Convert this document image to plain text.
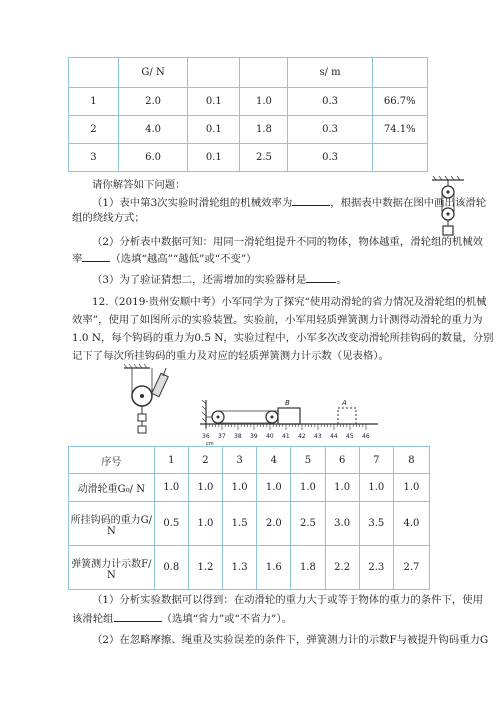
	G/ N			s/ m	
1	2.0	0.1	1.0	0.3	66.7%
2	4.0	0.1	1.8	0.3	74.1%
3	6.0	0.1	2.5	0.3	
请你解答如下问题：
（1）表中第3次实验时滑轮组的机械效率为	，根据表中数据在图中画出该滑轮
组的绕线方式；
（2）分析表中数据可知：用同一滑轮组提升不同的物体，物体越重，滑轮组的机械效
率	（选填“越高”“越低”或“不变”）
（3）为了验证猜想二，还需增加的实验器材是	。
12.（2019·贵州安顺中考）小军同学为了探究“使用动滑轮的省力情况及滑轮组的机械
效率”，使用了如图所示的实验装置。实验前，小军用轻质弹簧测力计测得动滑轮的重力为
1.0 N，每个钩码的重力为0.5 N，实验过程中，小军多次改变动滑轮所挂钩码的数量，分别
记下了每次所挂钩码的重力及对应的轻质弹簧测力计示数（见表格）。
B	A
36 37 38 39 40 41 42 43 44 45 46
cm
序号	1	2	3	4	5	6	7	8
动滑轮重G₀/ N	1.0	1.0	1.0	1.0	1.0	1.0	1.0	1.0
所挂钩码的重力G/
N	0.5	1.0	1.5	2.0	2.5	3.0	3.5	4.0
弹簧测力计示数F/
N	0.8	1.2	1.3	1.6	1.8	2.2	2.3	2.7
（1）分析实验数据可以得到：在动滑轮的重力大于或等于物体的重力的条件下，使用
该滑轮组	（选填“省力”或“不省力”）。
（2）在忽略摩擦、绳重及实验误差的条件下，弹簧测力计的示数F与被提升钩码重力G
